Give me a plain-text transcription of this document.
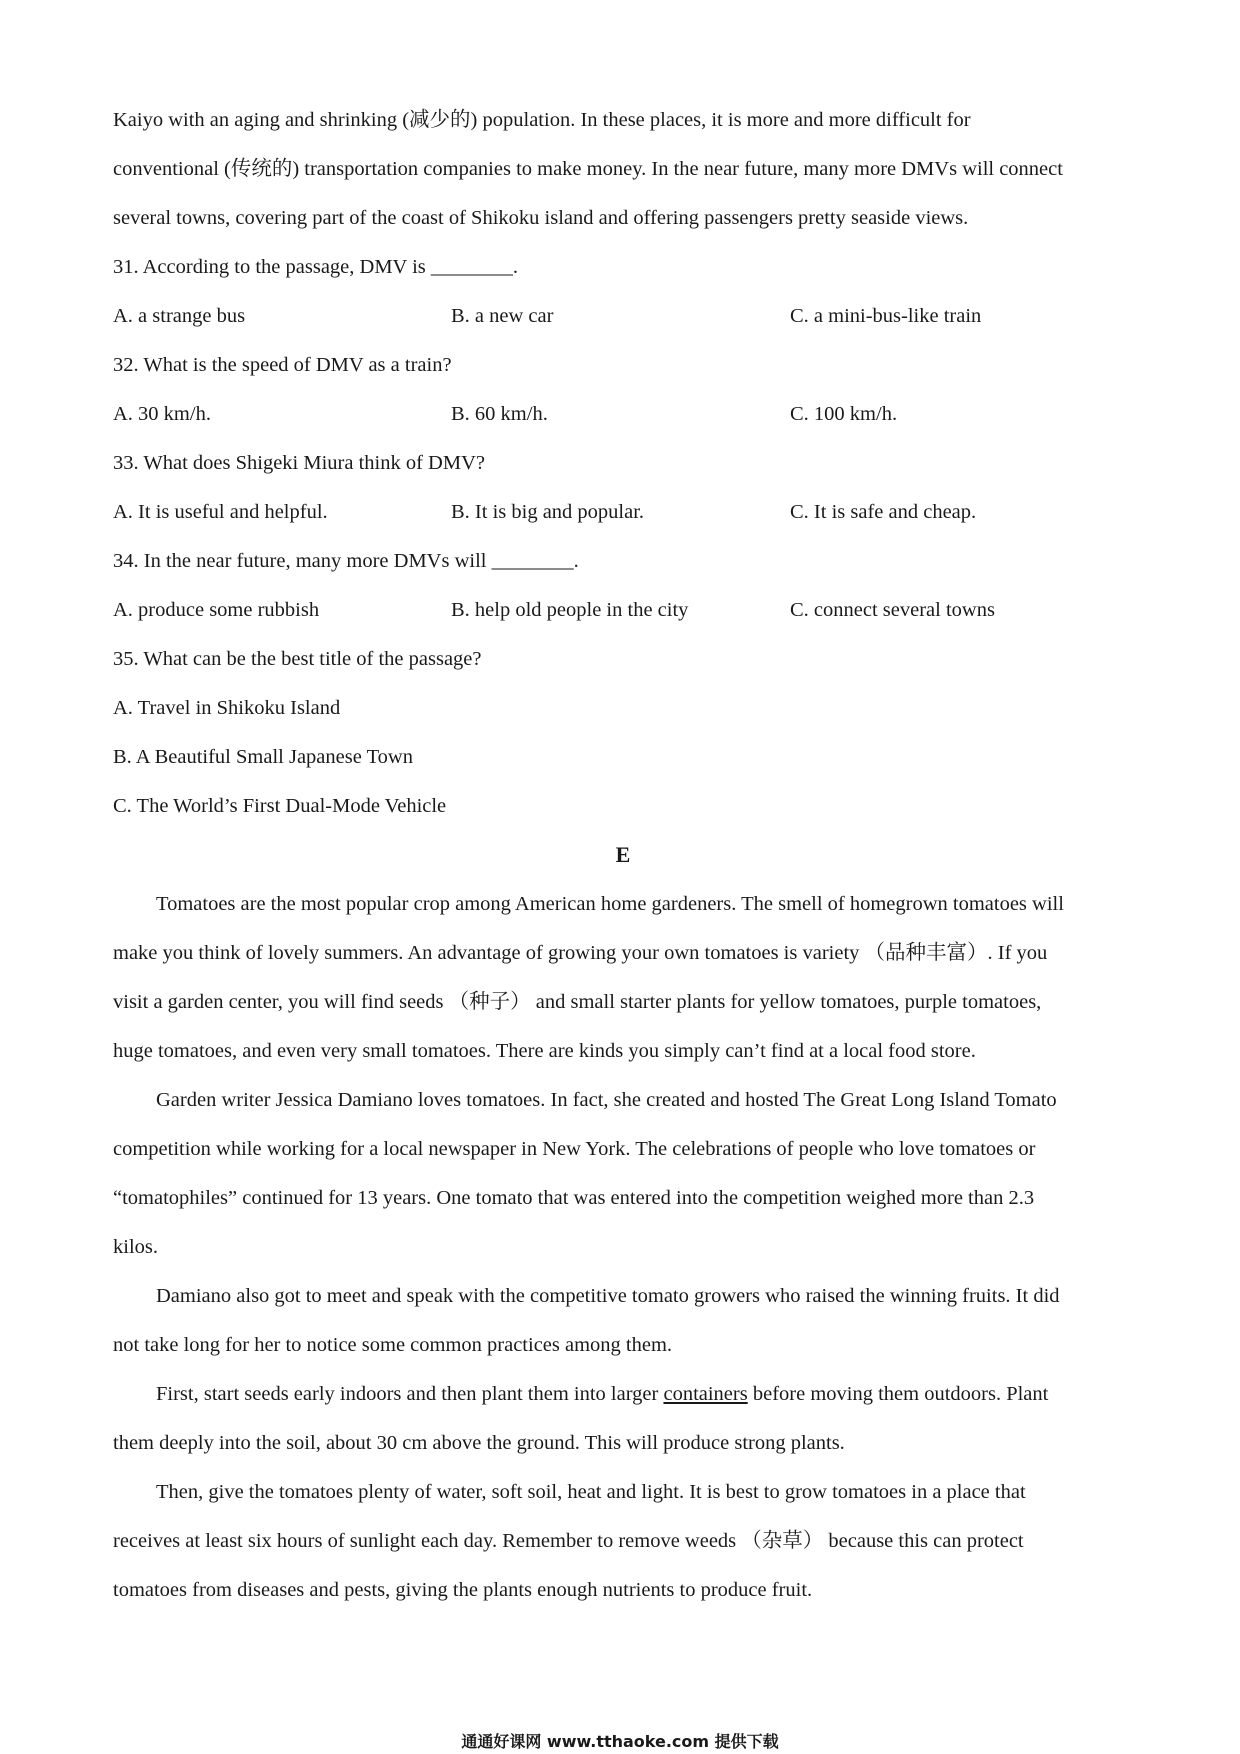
Kaiyo with an aging and shrinking (减少的) population. In these places, it is more and more difficult for
conventional (传统的) transportation companies to make money. In the near future, many more DMVs will connect
several towns, covering part of the coast of Shikoku island and offering passengers pretty seaside views.
31. According to the passage, DMV is ________.
A. a strange bus	B. a new car	C. a mini-bus-like train
32. What is the speed of DMV as a train?
A. 30 km/h.	B. 60 km/h.	C. 100 km/h.
33. What does Shigeki Miura think of DMV?
A. It is useful and helpful.	B. It is big and popular.	C. It is safe and cheap.
34. In the near future, many more DMVs will ________.
A. produce some rubbish	B. help old people in the city	C. connect several towns
35. What can be the best title of the passage?
A. Travel in Shikoku Island
B. A Beautiful Small Japanese Town
C. The World’s First Dual-Mode Vehicle
E
Tomatoes are the most popular crop among American home gardeners. The smell of homegrown tomatoes will
make you think of lovely summers. An advantage of growing your own tomatoes is variety （品种丰富）. If you
visit a garden center, you will find seeds （种子） and small starter plants for yellow tomatoes, purple tomatoes,
huge tomatoes, and even very small tomatoes. There are kinds you simply can’t find at a local food store.
Garden writer Jessica Damiano loves tomatoes. In fact, she created and hosted The Great Long Island Tomato
competition while working for a local newspaper in New York. The celebrations of people who love tomatoes or
“tomatophiles” continued for 13 years. One tomato that was entered into the competition weighed more than 2.3
kilos.
Damiano also got to meet and speak with the competitive tomato growers who raised the winning fruits. It did
not take long for her to notice some common practices among them.
First, start seeds early indoors and then plant them into larger containers before moving them outdoors. Plant
them deeply into the soil, about 30 cm above the ground. This will produce strong plants.
Then, give the tomatoes plenty of water, soft soil, heat and light. It is best to grow tomatoes in a place that
receives at least six hours of sunlight each day. Remember to remove weeds （杂草） because this can protect
tomatoes from diseases and pests, giving the plants enough nutrients to produce fruit.
通通好课网 www.tthaoke.com 提供下载
